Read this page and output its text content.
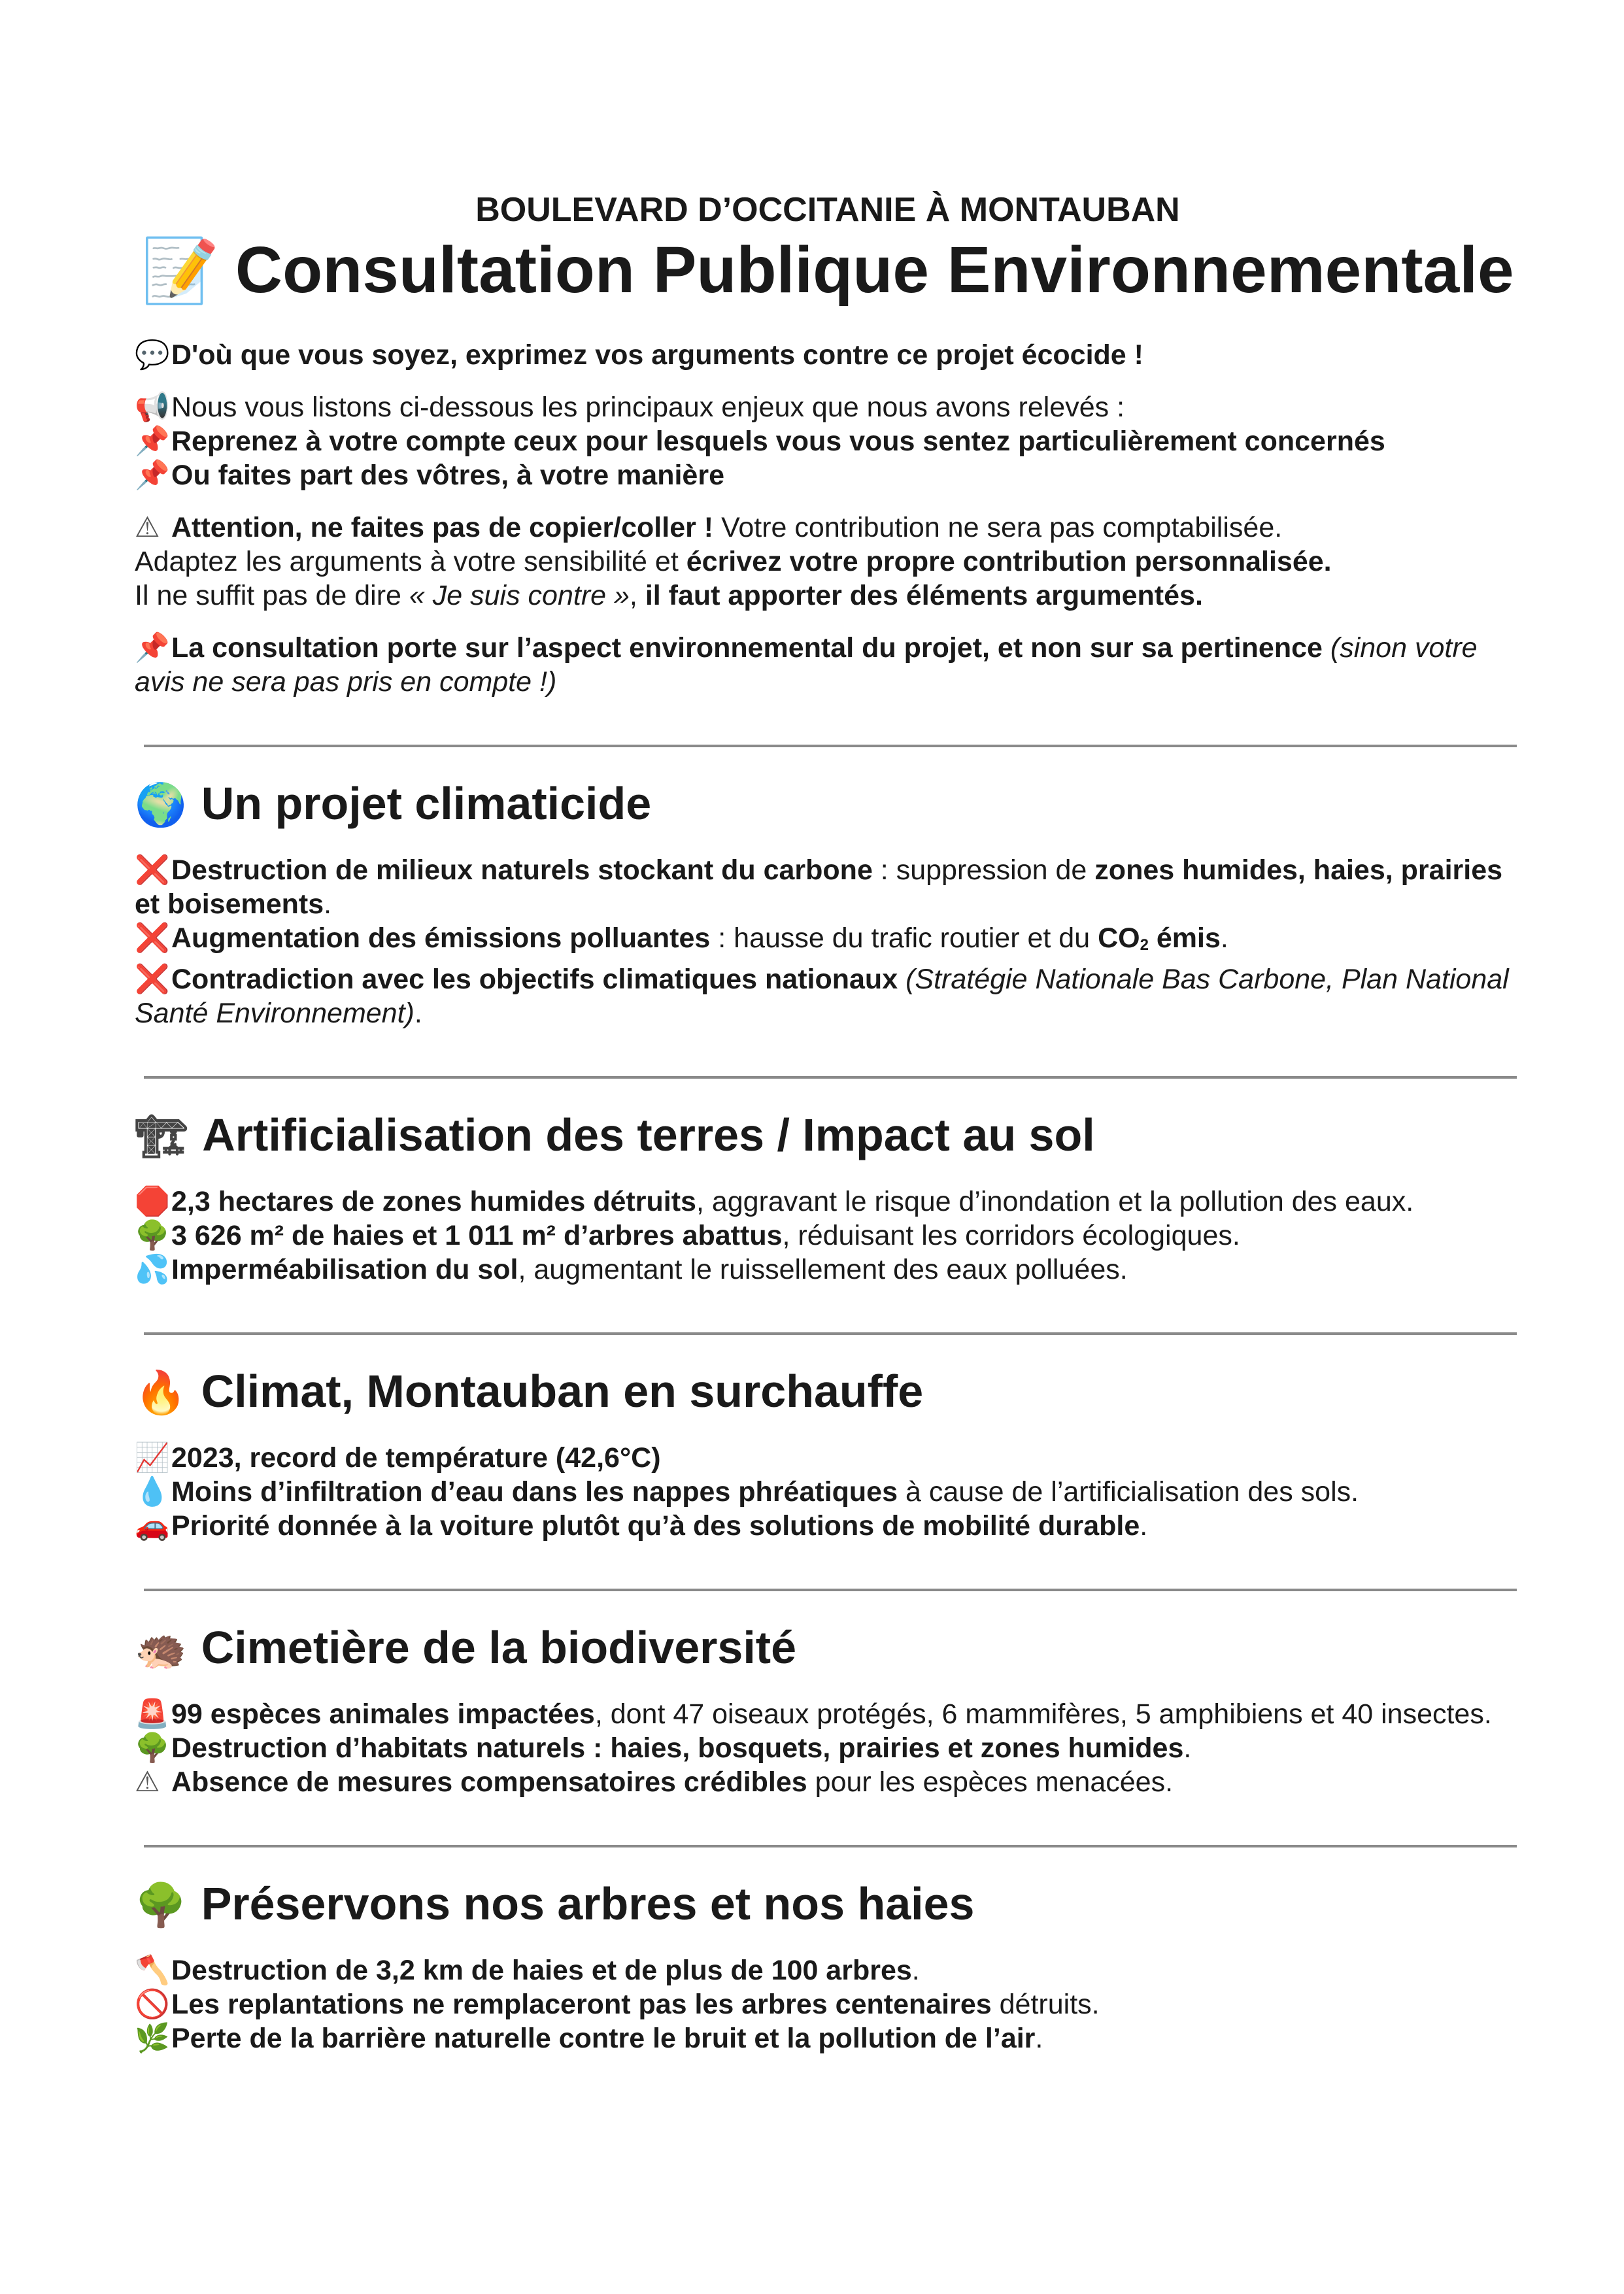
BOULEVARD D’OCCITANIE À MONTAUBAN
📝 Consultation Publique Environnementale

💬D'où que vous soyez, exprimez vos arguments contre ce projet écocide !

📢Nous vous listons ci-dessous les principaux enjeux que nous avons relevés :
📌Reprenez à votre compte ceux pour lesquels vous vous sentez particulièrement concernés
📌Ou faites part des vôtres, à votre manière

⚠ Attention, ne faites pas de copier/coller ! Votre contribution ne sera pas comptabilisée.
Adaptez les arguments à votre sensibilité et écrivez votre propre contribution personnalisée.
Il ne suffit pas de dire « Je suis contre », il faut apporter des éléments argumentés.

📌La consultation porte sur l’aspect environnemental du projet, et non sur sa pertinence (sinon votre avis ne sera pas pris en compte !)

🌍 Un projet climaticide
❌Destruction de milieux naturels stockant du carbone : suppression de zones humides, haies, prairies et boisements.
❌Augmentation des émissions polluantes : hausse du trafic routier et du $CO_2$ émis.
❌Contradiction avec les objectifs climatiques nationaux (Stratégie Nationale Bas Carbone, Plan National Santé Environnement).
🏗 Artificialisation des terres / Impact au sol
🛑2,3 hectares de zones humides détruits, aggravant le risque d’inondation et la pollution des eaux.
🌳3 626 m² de haies et 1 011 m² d’arbres abattus, réduisant les corridors écologiques.
💦Imperméabilisation du sol, augmentant le ruissellement des eaux polluées.
🔥 Climat, Montauban en surchauffe
📈2023, record de température (42,6°C)
💧Moins d’infiltration d’eau dans les nappes phréatiques à cause de l’artificialisation des sols.
🚗Priorité donnée à la voiture plutôt qu’à des solutions de mobilité durable.
🦔 Cimetière de la biodiversité
🚨99 espèces animales impactées, dont 47 oiseaux protégés, 6 mammifères, 5 amphibiens et 40 insectes.
🌳Destruction d’habitats naturels : haies, bosquets, prairies et zones humides.
⚠ Absence de mesures compensatoires crédibles pour les espèces menacées.
🌳 Préservons nos arbres et nos haies
🪓Destruction de 3,2 km de haies et de plus de 100 arbres.
🚫Les replantations ne remplaceront pas les arbres centenaires détruits.
🌿Perte de la barrière naturelle contre le bruit et la pollution de l’air.
